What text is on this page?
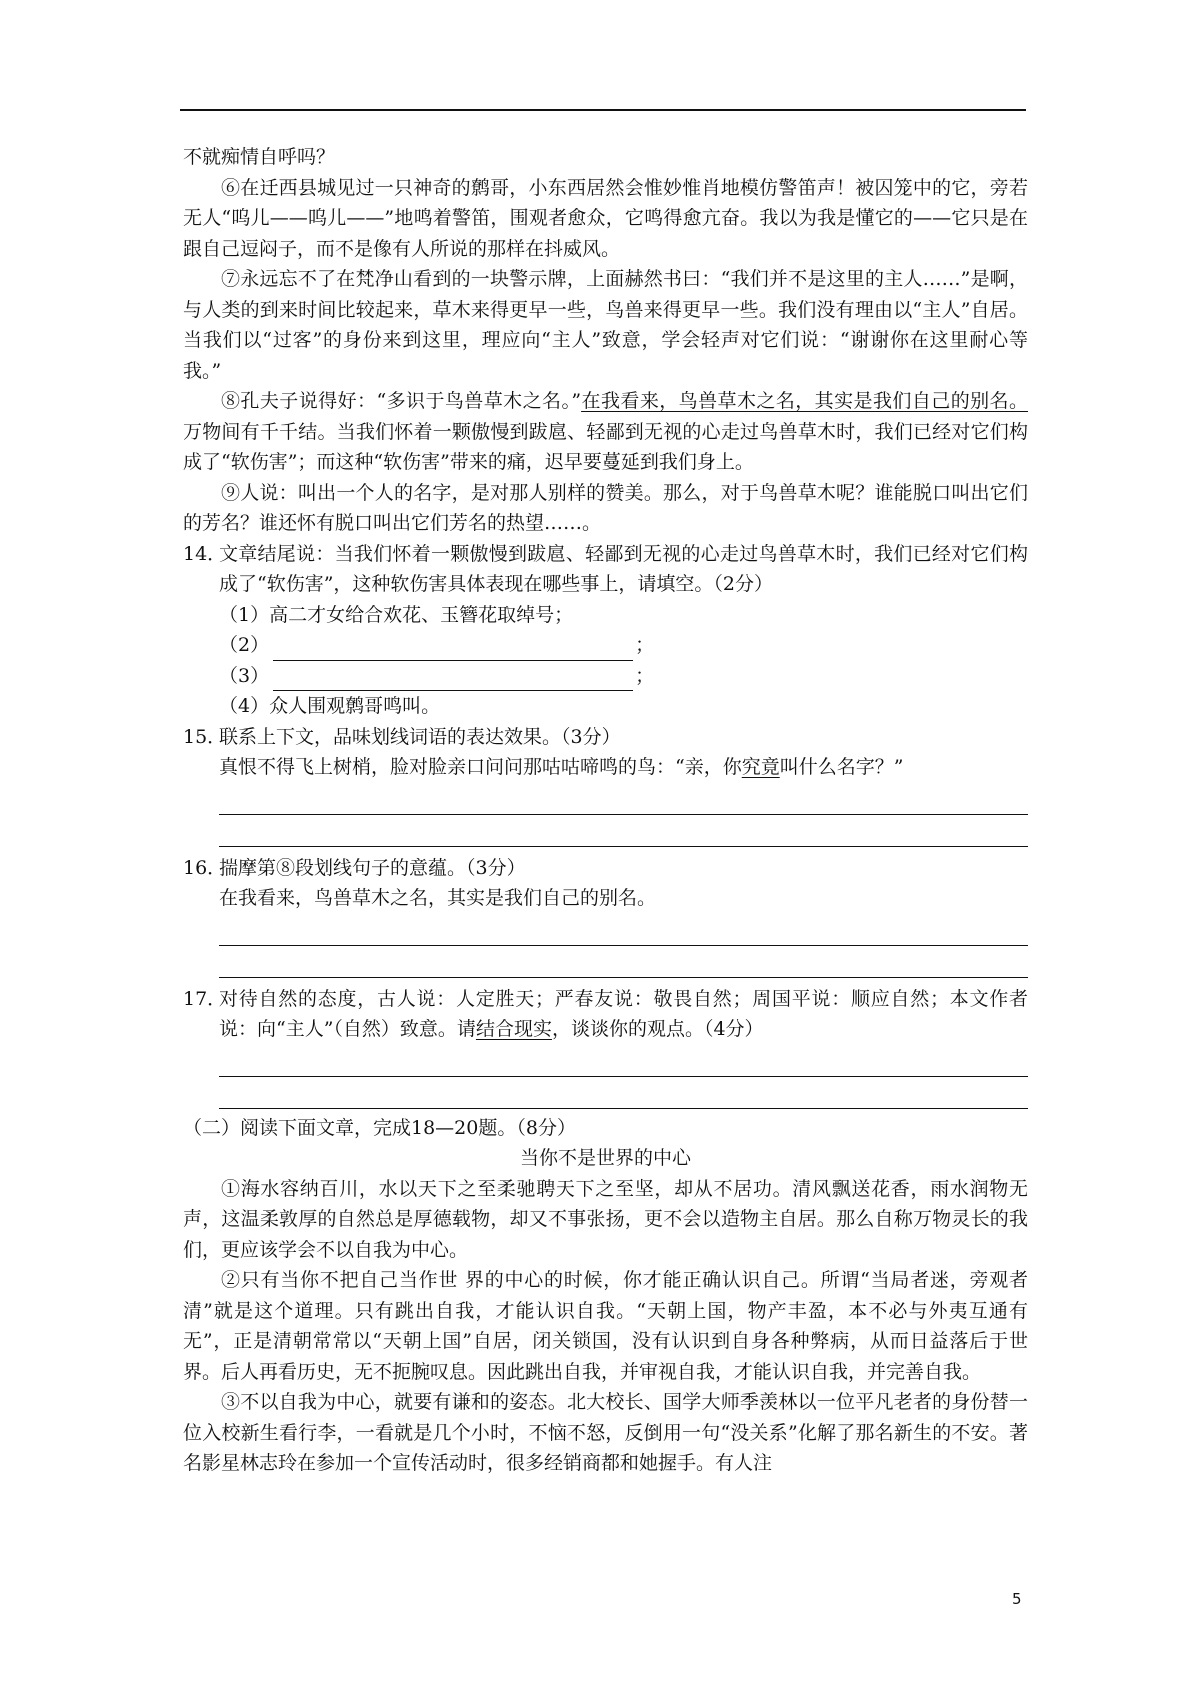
不就痴情自呼吗？

⑥在迁西县城见过一只神奇的鹩哥，小东西居然会惟妙惟肖地模仿警笛声！被囚笼中的它，旁若无人“呜儿——呜儿——”地鸣着警笛，围观者愈众，它鸣得愈亢奋。我以为我是懂它的——它只是在跟自己逗闷子，而不是像有人所说的那样在抖威风。

⑦永远忘不了在梵净山看到的一块警示牌，上面赫然书曰：“我们并不是这里的主人……”是啊，与人类的到来时间比较起来，草木来得更早一些，鸟兽来得更早一些。我们没有理由以“主人”自居。当我们以“过客”的身份来到这里，理应向“主人”致意，学会轻声对它们说：“谢谢你在这里耐心等我。”

⑧孔夫子说得好：“多识于鸟兽草木之名。”在我看来，鸟兽草木之名，其实是我们自己的别名。万物间有千千结。当我们怀着一颗傲慢到跋扈、轻鄙到无视的心走过鸟兽草木时，我们已经对它们构成了“软伤害”；而这种“软伤害”带来的痛，迟早要蔓延到我们身上。

⑨人说：叫出一个人的名字，是对那人别样的赞美。那么，对于鸟兽草木呢？谁能脱口叫出它们的芳名？谁还怀有脱口叫出它们芳名的热望……。

14．
文章结尾说：当我们怀着一颗傲慢到跋扈、轻鄙到无视的心走过鸟兽草木时，我们已经对它们构成了“软伤害”，这种软伤害具体表现在哪些事上，请填空。（2分）

（1）高二才女给合欢花、玉簪花取绰号；

（2）	；

（3）	；

（4）众人围观鹩哥鸣叫。

15．
联系上下文，品味划线词语的表达效果。（3分）
真恨不得飞上树梢，脸对脸亲口问问那咕咕啼鸣的鸟：“亲，你究竟叫什么名字？”
16．
揣摩第⑧段划线句子的意蕴。（3分）
在我看来，鸟兽草木之名，其实是我们自己的别名。
17．
对待自然的态度，古人说：人定胜天；严春友说：敬畏自然；周国平说：顺应自然；本文作者说：向“主人”（自然）致意。请结合现实，谈谈你的观点。（4分）

（二）阅读下面文章，完成18—20题。（8分）

当你不是世界的中心

①海水容纳百川，水以天下之至柔驰聘天下之至坚，却从不居功。清风飘送花香，雨水润物无声，这温柔敦厚的自然总是厚德载物，却又不事张扬，更不会以造物主自居。那么自称万物灵长的我们，更应该学会不以自我为中心。

②只有当你不把自己当作世 界的中心的时候，你才能正确认识自己。所谓“当局者迷，旁观者清”就是这个道理。只有跳出自我，才能认识自我。“天朝上国，物产丰盈，本不必与外夷互通有无”，正是清朝常常以“天朝上国”自居，闭关锁国，没有认识到自身各种弊病，从而日益落后于世界。后人再看历史，无不扼腕叹息。因此跳出自我，并审视自我，才能认识自我，并完善自我。

③不以自我为中心，就要有谦和的姿态。北大校长、国学大师季羡林以一位平凡老者的身份替一位入校新生看行李，一看就是几个小时，不恼不怒，反倒用一句“没关系”化解了那名新生的不安。著名影星林志玲在参加一个宣传活动时，很多经销商都和她握手。有人注

5
